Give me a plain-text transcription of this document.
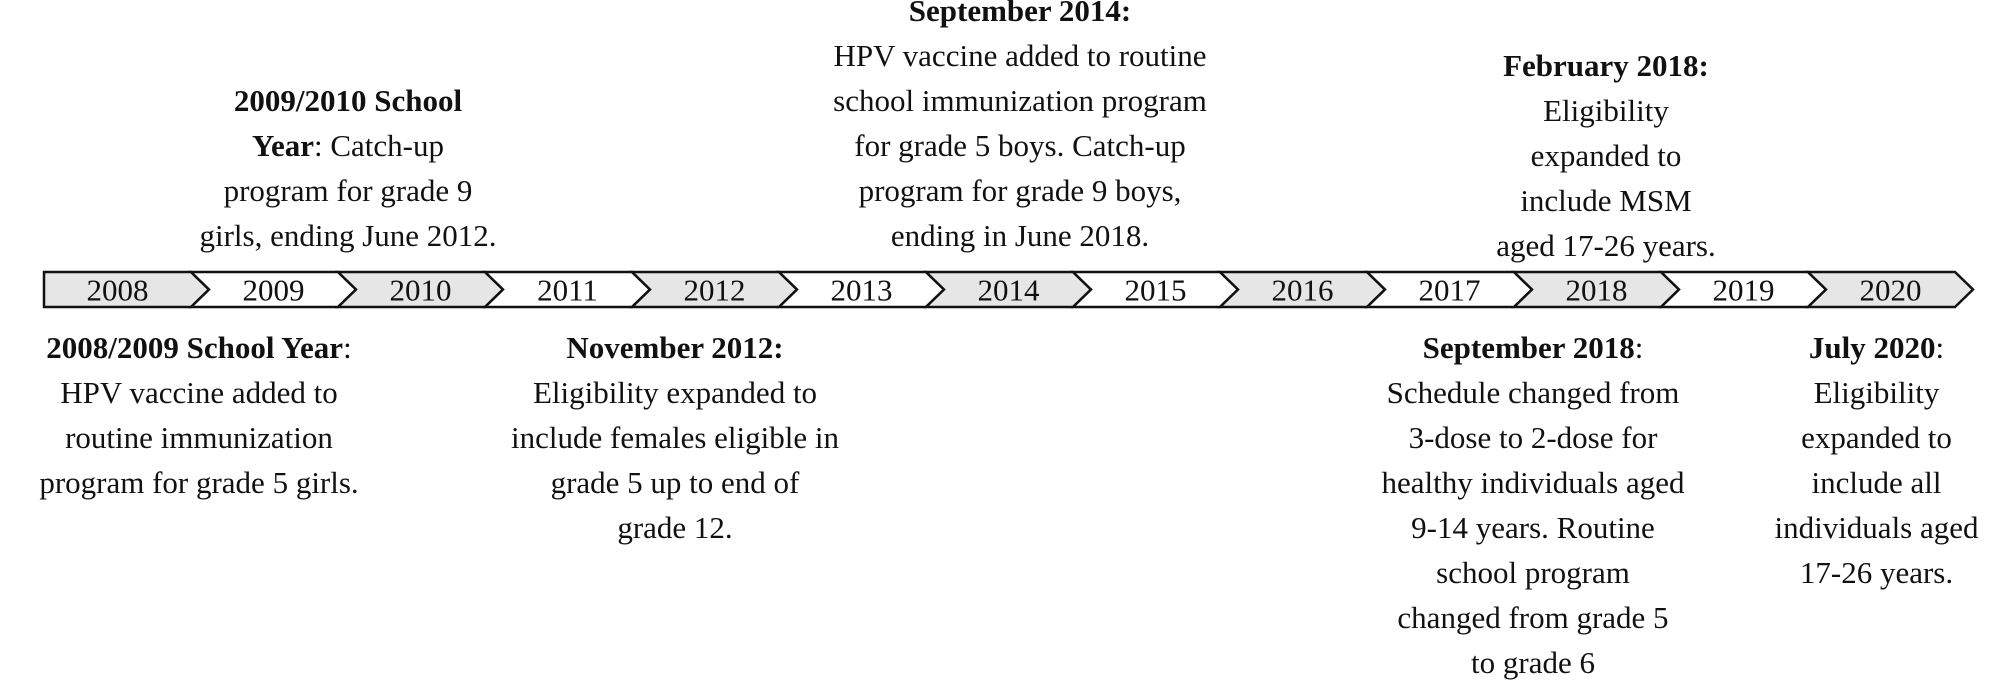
2008	2009	2010	2011	2012	2013	2014	2015	2016	2017	2018	2019	2020
2008/2009 School Year:
HPV vaccine added to
routine immunization
program for grade 5 girls.
2009/2010 School
Year: Catch-up
program for grade 9
girls, ending June 2012.
November 2012:
Eligibility expanded to
include females eligible in
grade 5 up to end of
grade 12.
September 2014:
HPV vaccine added to routine
school immunization program
for grade 5 boys. Catch-up
program for grade 9 boys,
ending in June 2018.
February 2018:
Eligibility
expanded to
include MSM
aged 17-26 years.
September 2018:
Schedule changed from
3-dose to 2-dose for
healthy individuals aged
9-14 years. Routine
school program
changed from grade 5
to grade 6
July 2020:
Eligibility
expanded to
include all
individuals aged
17-26 years.
